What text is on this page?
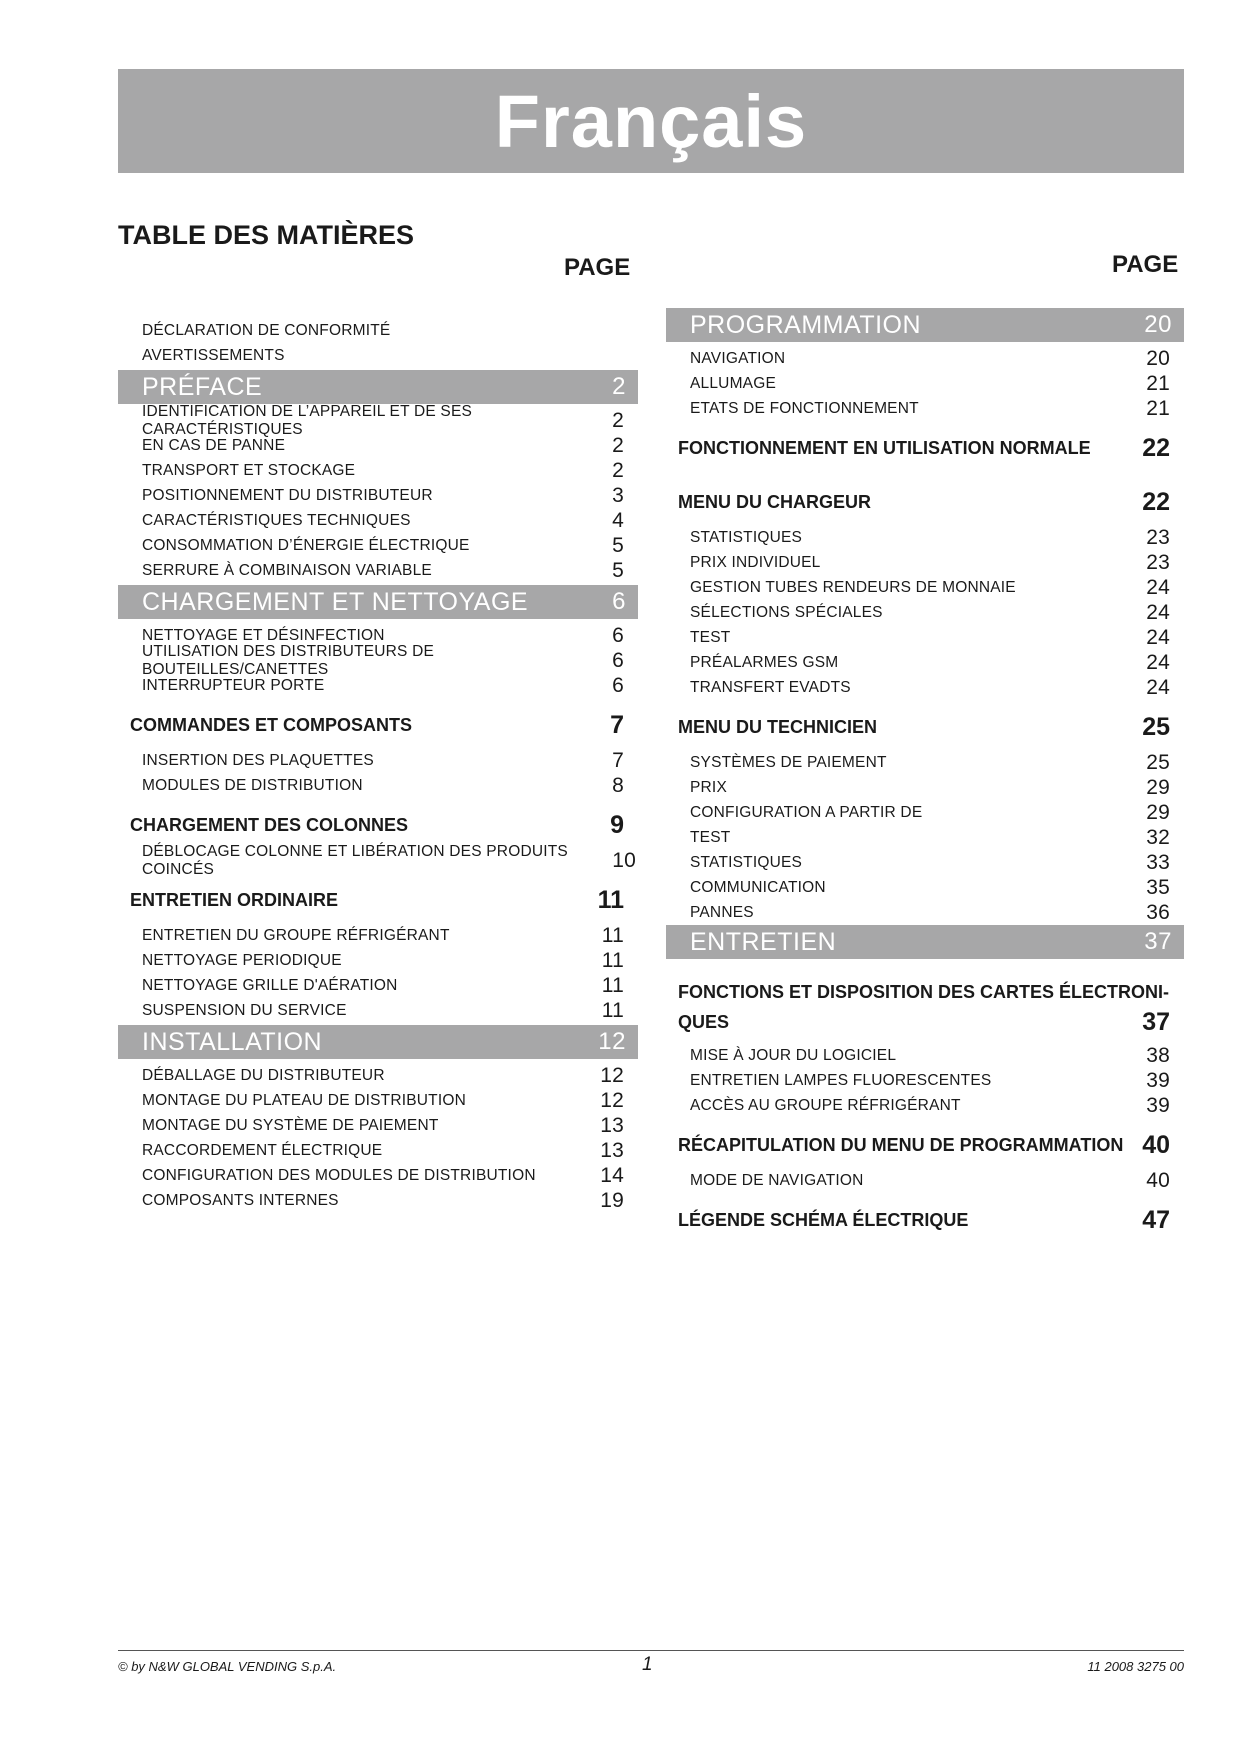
Français
TABLE DES MATIÈRES
PAGE	PAGE
DÉCLARATION DE CONFORMITÉ
AVERTISSEMENTS
PRÉFACE	2
IDENTIFICATION DE L’APPAREIL ET DE SES CARACTÉRISTIQUES	2
EN CAS DE PANNE	2
TRANSPORT ET STOCKAGE	2
POSITIONNEMENT DU DISTRIBUTEUR	3
CARACTÉRISTIQUES TECHNIQUES	4
CONSOMMATION D’ÉNERGIE ÉLECTRIQUE	5
SERRURE À COMBINAISON VARIABLE	5
CHARGEMENT ET NETTOYAGE	6
NETTOYAGE ET DÉSINFECTION	6
UTILISATION DES DISTRIBUTEURS DE BOUTEILLES/CANETTES	6
INTERRUPTEUR PORTE	6
COMMANDES ET COMPOSANTS	7
INSERTION DES PLAQUETTES	7
MODULES DE DISTRIBUTION	8
CHARGEMENT DES COLONNES	9
DÉBLOCAGE COLONNE ET LIBÉRATION DES PRODUITS COINCÉS	10
ENTRETIEN ORDINAIRE	11
ENTRETIEN DU GROUPE RÉFRIGÉRANT	11
NETTOYAGE PERIODIQUE	11
NETTOYAGE GRILLE D'AÉRATION	11
SUSPENSION DU SERVICE	11
INSTALLATION	12
DÉBALLAGE DU DISTRIBUTEUR	12
MONTAGE DU PLATEAU DE DISTRIBUTION	12
MONTAGE DU SYSTÈME DE PAIEMENT	13
RACCORDEMENT ÉLECTRIQUE	13
CONFIGURATION DES MODULES DE DISTRIBUTION	14
COMPOSANTS INTERNES	19
PROGRAMMATION	20
NAVIGATION	20
ALLUMAGE	21
ETATS DE FONCTIONNEMENT	21
FONCTIONNEMENT EN UTILISATION NORMALE 22
MENU DU CHARGEUR	22
STATISTIQUES	23
PRIX INDIVIDUEL	23
GESTION TUBES RENDEURS DE MONNAIE	24
SÉLECTIONS SPÉCIALES	24
TEST	24
PRÉALARMES GSM	24
TRANSFERT EVADTS	24
MENU DU TECHNICIEN	25
SYSTÈMES DE PAIEMENT	25
PRIX	29
CONFIGURATION A PARTIR DE	29
TEST	32
STATISTIQUES	33
COMMUNICATION	35
PANNES	36
ENTRETIEN	37
FONCTIONS ET DISPOSITION DES CARTES ÉLECTRONI-
QUES	37
MISE À JOUR DU LOGICIEL	38
ENTRETIEN LAMPES FLUORESCENTES	39
ACCÈS AU GROUPE RÉFRIGÉRANT	39
RÉCAPITULATION DU MENU DE PROGRAMMATION 40
MODE DE NAVIGATION	40
LÉGENDE SCHÉMA ÉLECTRIQUE	47
© by N&W GLOBAL VENDING S.p.A.	1	11 2008 3275 00
